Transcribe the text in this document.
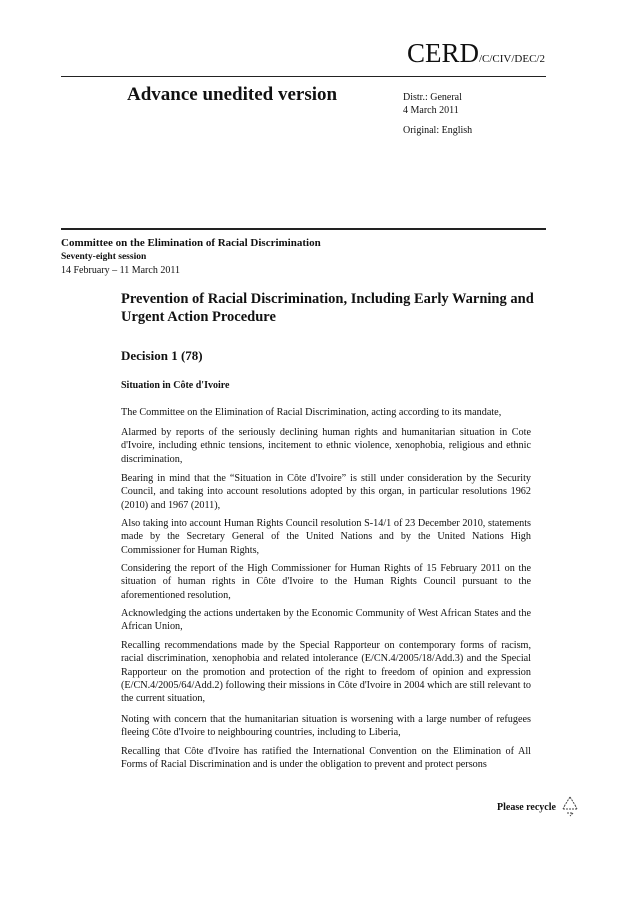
CERD/C/CIV/DEC/2
Advance unedited version	Distr.: General
4 March 2011
Original: English
Committee on the Elimination of Racial Discrimination
Seventy-eight session
14 February – 11 March 2011
Prevention of Racial Discrimination, Including Early Warning and Urgent Action Procedure
Decision 1 (78)
Situation in Côte d'Ivoire

The Committee on the Elimination of Racial Discrimination, acting according to its mandate,

Alarmed by reports of the seriously declining human rights and humanitarian situation in Cote d'Ivoire, including ethnic tensions, incitement to ethnic violence, xenophobia, religious and ethnic discrimination,

Bearing in mind that the “Situation in Côte d'Ivoire” is still under consideration by the Security Council, and taking into account resolutions adopted by this organ, in particular resolutions 1962 (2010) and 1967 (2011),

Also taking into account Human Rights Council resolution S-14/1 of 23 December 2010, statements made by the Secretary General of the United Nations and by the United Nations High Commissioner for Human Rights,

Considering the report of the High Commissioner for Human Rights of 15 February 2011 on the situation of human rights in Côte d'Ivoire to the Human Rights Council pursuant to the aforementioned resolution,

Acknowledging the actions undertaken by the Economic Community of West African States and the African Union,

Recalling recommendations made by the Special Rapporteur on contemporary forms of racism, racial discrimination, xenophobia and related intolerance (E/CN.4/2005/18/Add.3) and the Special Rapporteur on the promotion and protection of the right to freedom of opinion and expression (E/CN.4/2005/64/Add.2) following their missions in Côte d'Ivoire in 2004 which are still relevant to the current situation,

Noting with concern that the humanitarian situation is worsening with a large number of refugees fleeing Côte d'Ivoire to neighbouring countries, including to Liberia,

Recalling that Côte d'Ivoire has ratified the International Convention on the Elimination of All Forms of Racial Discrimination and is under the obligation to prevent and protect persons

Please recycle
